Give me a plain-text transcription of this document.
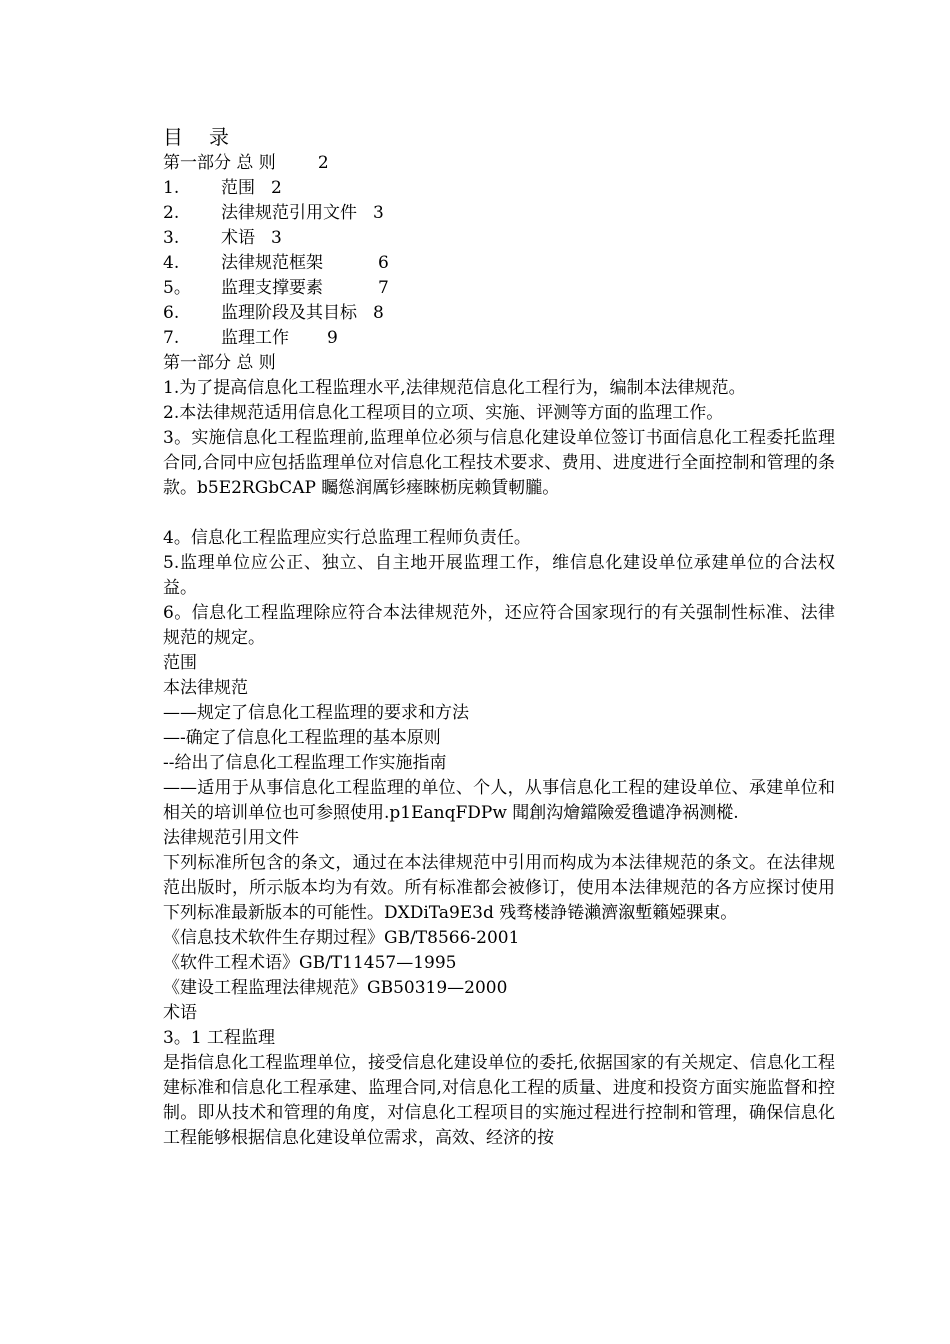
目 录
第一部分 总 则 2
1.	范围 2
2.	法律规范引用文件 3
3.	术语 3
4.	法律规范框架	6
5。	监理支撑要素	7
6.	监理阶段及其目标 8
7.	监理工作 9
第一部分 总 则
1.为了提高信息化工程监理水平,法律规范信息化工程行为，编制本法律规范。
2.本法律规范适用信息化工程项目的立项、实施、评测等方面的监理工作。
3。实施信息化工程监理前,监理单位必须与信息化建设单位签订书面信息化工程委托监理合同,合同中应包括监理单位对信息化工程技术要求、费用、进度进行全面控制和管理的条款。b5E2RGbCAP 矚慫润厲钐瘗睞枥庑赖賃軔朧。
4。信息化工程监理应实行总监理工程师负责任。
5.监理单位应公正、独立、自主地开展监理工作，维信息化建设单位承建单位的合法权益。
6。信息化工程监理除应符合本法律规范外，还应符合国家现行的有关强制性标准、法律规范的规定。
范围
本法律规范
——规定了信息化工程监理的要求和方法
—-确定了信息化工程监理的基本原则
--给出了信息化工程监理工作实施指南
——适用于从事信息化工程监理的单位、个人，从事信息化工程的建设单位、承建单位和相关的培训单位也可参照使用.p1EanqFDPw 聞創沟燴鐺險爱氇谴净祸测樅.
法律规范引用文件
下列标准所包含的条文，通过在本法律规范中引用而构成为本法律规范的条文。在法律规范出版时，所示版本均为有效。所有标准都会被修订，使用本法律规范的各方应探讨使用下列标准最新版本的可能性。DXDiTa9E3d 残骛楼諍锩瀨濟溆塹籟婭骒東。
《信息技术软件生存期过程》GB/T8566-2001
《软件工程术语》GB/T11457—1995
《建设工程监理法律规范》GB50319—2000
术语
3。1 工程监理
是指信息化工程监理单位，接受信息化建设单位的委托,依据国家的有关规定、信息化工程建标准和信息化工程承建、监理合同,对信息化工程的质量、进度和投资方面实施监督和控制。即从技术和管理的角度，对信息化工程项目的实施过程进行控制和管理，确保信息化工程能够根据信息化建设单位需求，高效、经济的按
